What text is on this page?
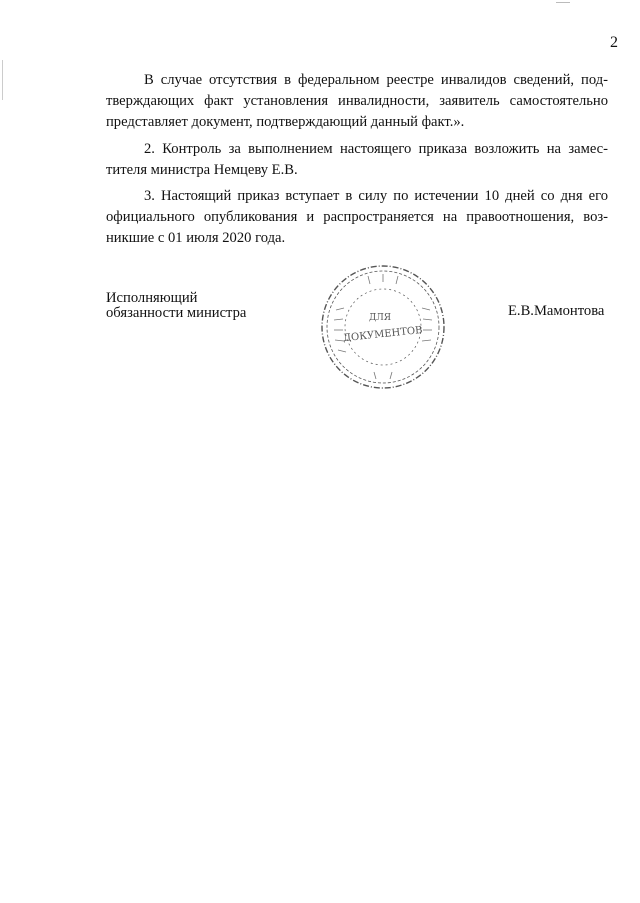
2
В случае отсутствия в федеральном реестре инвалидов сведений, под-
тверждающих факт установления инвалидности, заявитель самостоятельно
представляет документ, подтверждающий данный факт.».
2. Контроль за выполнением настоящего приказа возложить на замес-
тителя министра Немцеву Е.В.
3. Настоящий приказ вступает в силу по истечении 10 дней со дня его
официального опубликования и распространяется на правоотношения, воз-
никшие с 01 июля 2020 года.
Исполняющий
обязанности министра	ДЛЯ
ДОКУМЕНТОВ
Е.В.Мамонтова
